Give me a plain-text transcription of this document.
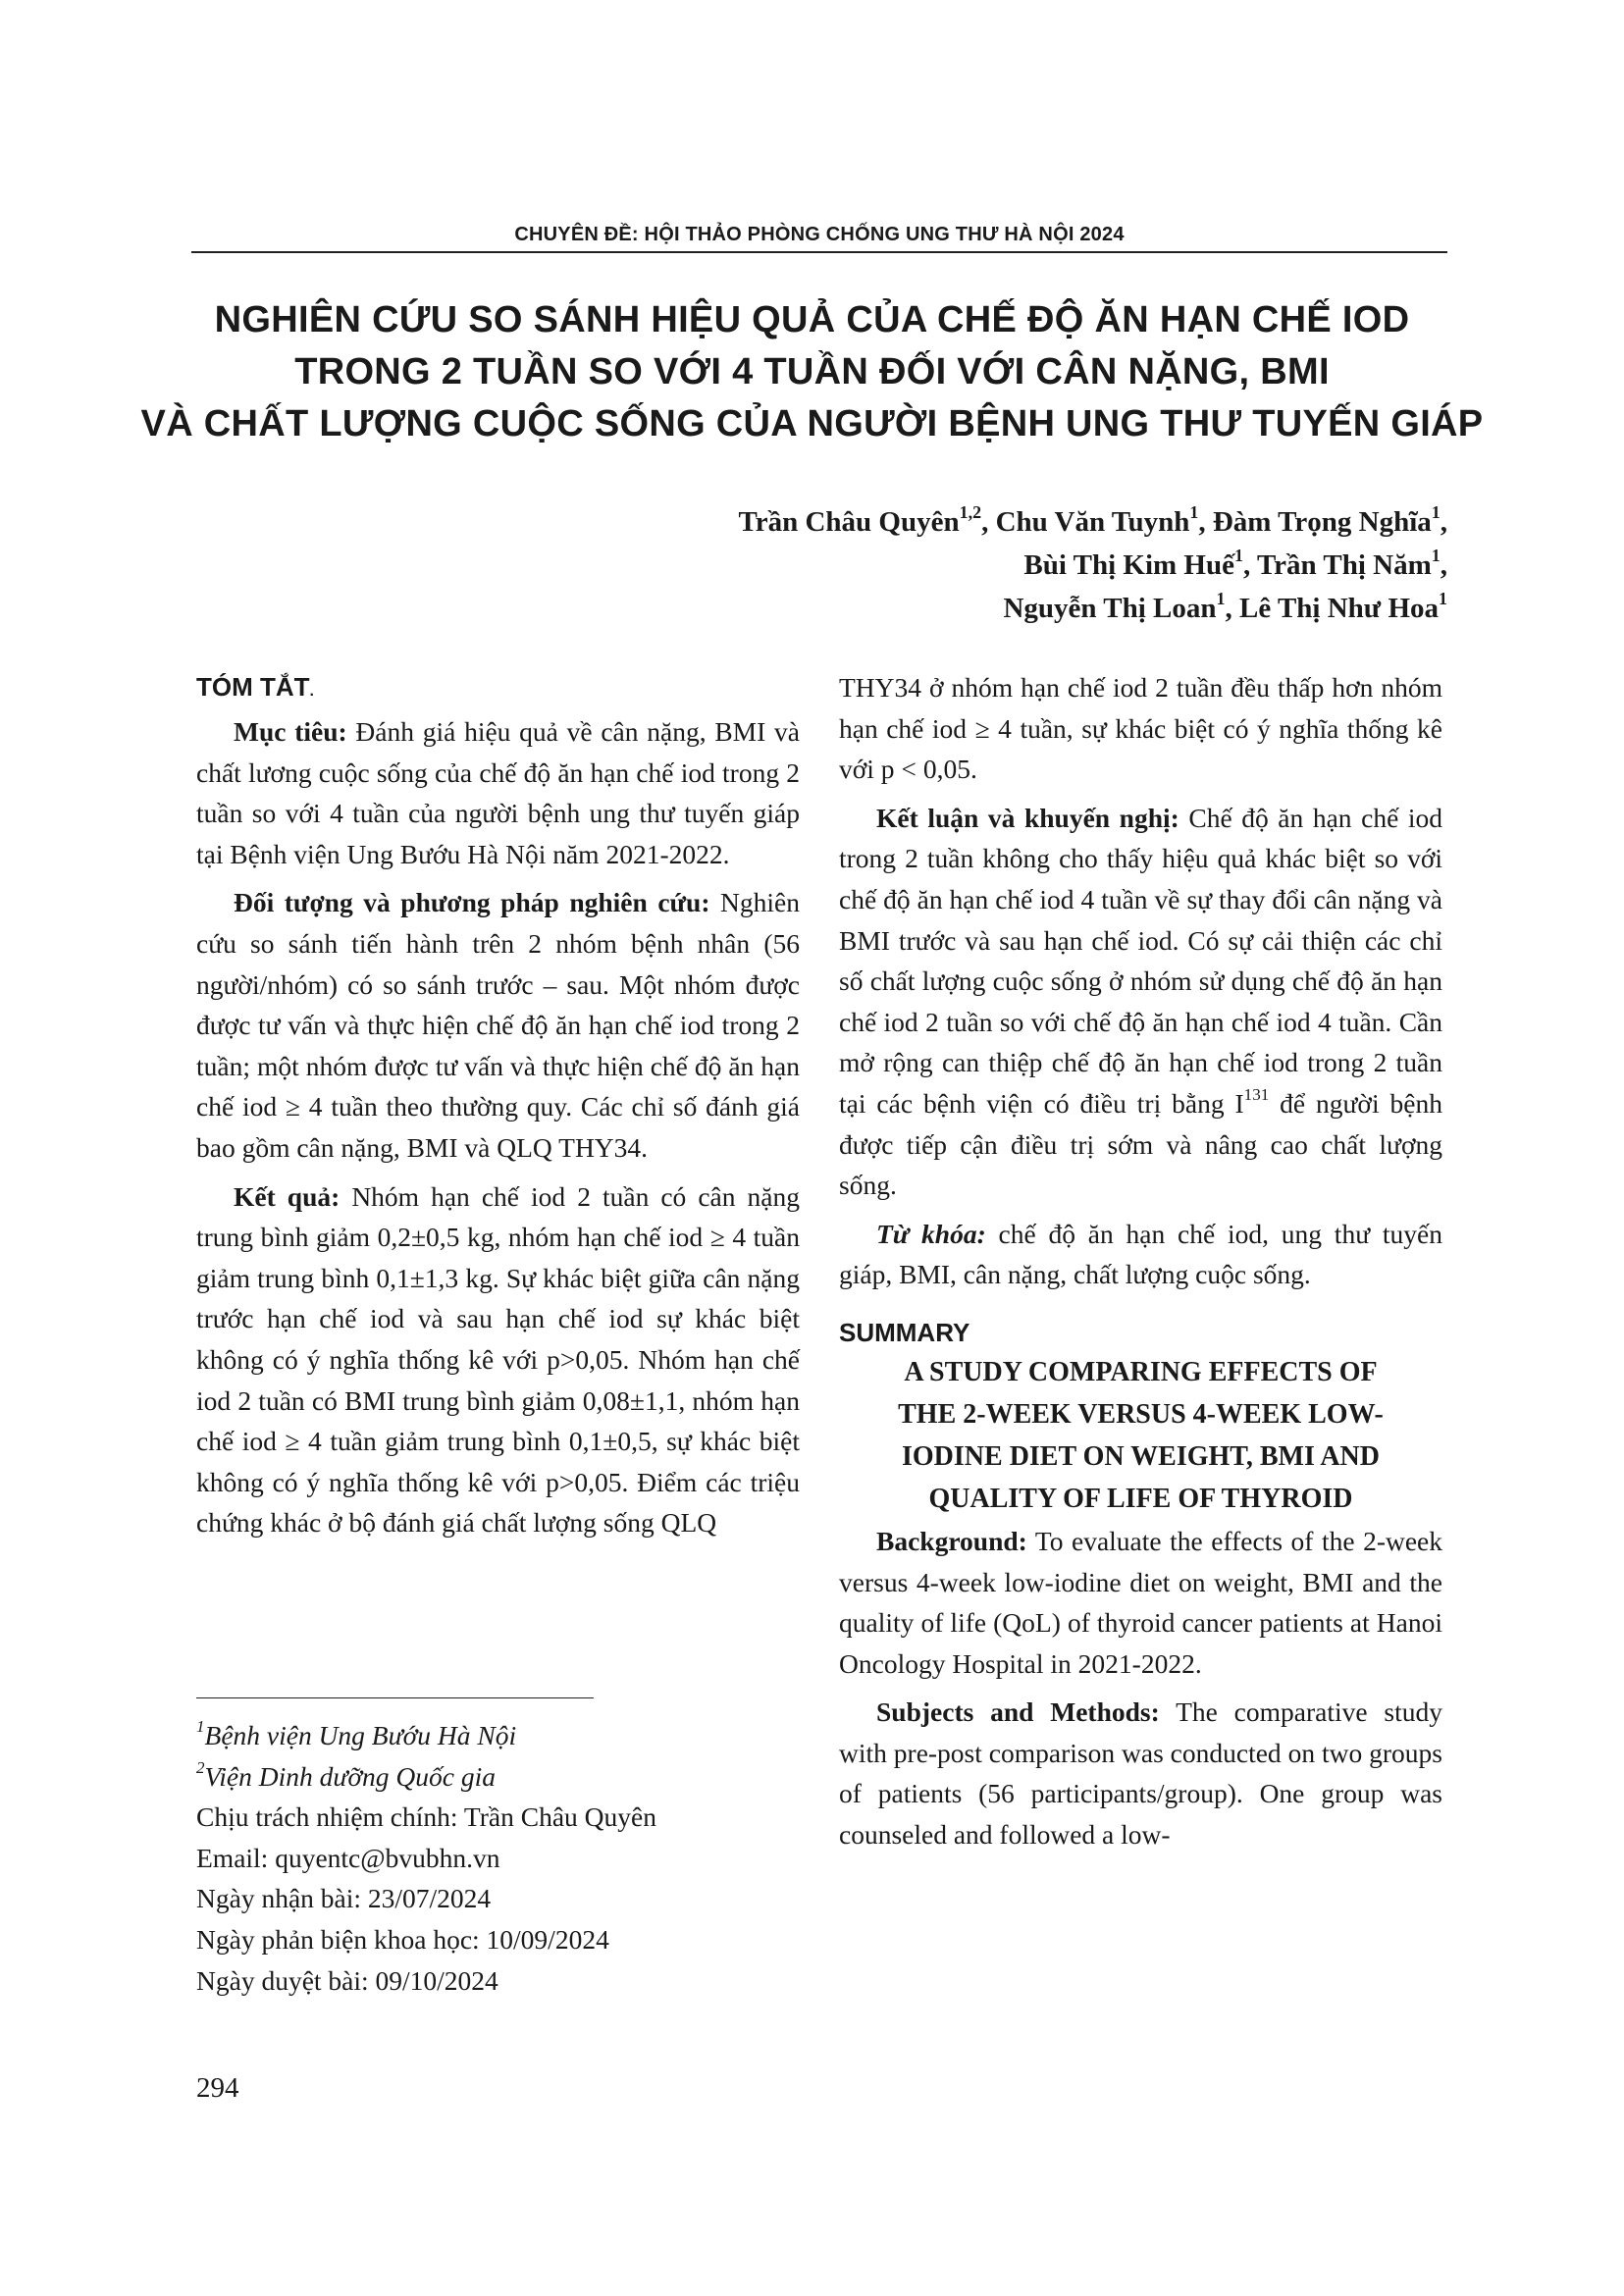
CHUYÊN ĐỀ: HỘI THẢO PHÒNG CHỐNG UNG THƯ HÀ NỘI 2024
NGHIÊN CỨU SO SÁNH HIỆU QUẢ CỦA CHẾ ĐỘ ĂN HẠN CHẾ IOD
TRONG 2 TUẦN SO VỚI 4 TUẦN ĐỐI VỚI CÂN NẶNG, BMI
VÀ CHẤT LƯỢNG CUỘC SỐNG CỦA NGƯỜI BỆNH UNG THƯ TUYẾN GIÁP
Trần Châu Quyên$^{1,2}$, Chu Văn Tuynh$^1$, Đàm Trọng Nghĩa$^1$,
Bùi Thị Kim Huế$^1$, Trần Thị Năm$^1$,
Nguyễn Thị Loan$^1$, Lê Thị Như Hoa$^1$
TÓM TẮT.

Mục tiêu: Đánh giá hiệu quả về cân nặng, BMI và chất lương cuộc sống của chế độ ăn hạn chế iod trong 2 tuần so với 4 tuần của người bệnh ung thư tuyến giáp tại Bệnh viện Ung Bướu Hà Nội năm 2021-2022.

Đối tượng và phương pháp nghiên cứu: Nghiên cứu so sánh tiến hành trên 2 nhóm bệnh nhân (56 người/nhóm) có so sánh trước – sau. Một nhóm được được tư vấn và thực hiện chế độ ăn hạn chế iod trong 2 tuần; một nhóm được tư vấn và thực hiện chế độ ăn hạn chế iod ≥ 4 tuần theo thường quy. Các chỉ số đánh giá bao gồm cân nặng, BMI và QLQ THY34.

Kết quả: Nhóm hạn chế iod 2 tuần có cân nặng trung bình giảm 0,2±0,5 kg, nhóm hạn chế iod ≥ 4 tuần giảm trung bình 0,1±1,3 kg. Sự khác biệt giữa cân nặng trước hạn chế iod và sau hạn chế iod sự khác biệt không có ý nghĩa thống kê với p>0,05. Nhóm hạn chế iod 2 tuần có BMI trung bình giảm 0,08±1,1, nhóm hạn chế iod ≥ 4 tuần giảm trung bình 0,1±0,5, sự khác biệt không có ý nghĩa thống kê với p>0,05. Điểm các triệu chứng khác ở bộ đánh giá chất lượng sống QLQ

$^1$Bệnh viện Ung Bướu Hà Nội
$^2$Viện Dinh dưỡng Quốc gia
Chịu trách nhiệm chính: Trần Châu Quyên
Email: quyentc@bvubhn.vn
Ngày nhận bài: 23/07/2024
Ngày phản biện khoa học: 10/09/2024
Ngày duyệt bài: 09/10/2024

THY34 ở nhóm hạn chế iod 2 tuần đều thấp hơn nhóm hạn chế iod ≥ 4 tuần, sự khác biệt có ý nghĩa thống kê với p < 0,05.

Kết luận và khuyến nghị: Chế độ ăn hạn chế iod trong 2 tuần không cho thấy hiệu quả khác biệt so với chế độ ăn hạn chế iod 4 tuần về sự thay đổi cân nặng và BMI trước và sau hạn chế iod. Có sự cải thiện các chỉ số chất lượng cuộc sống ở nhóm sử dụng chế độ ăn hạn chế iod 2 tuần so với chế độ ăn hạn chế iod 4 tuần. Cần mở rộng can thiệp chế độ ăn hạn chế iod trong 2 tuần tại các bệnh viện có điều trị bằng $I^{131}$ để người bệnh được tiếp cận điều trị sớm và nâng cao chất lượng sống.

Từ khóa: chế độ ăn hạn chế iod, ung thư tuyến giáp, BMI, cân nặng, chất lượng cuộc sống.

SUMMARY
A STUDY COMPARING EFFECTS OF
THE 2-WEEK VERSUS 4-WEEK LOW-
IODINE DIET ON WEIGHT, BMI AND
QUALITY OF LIFE OF THYROID

Background: To evaluate the effects of the 2-week versus 4-week low-iodine diet on weight, BMI and the quality of life (QoL) of thyroid cancer patients at Hanoi Oncology Hospital in 2021-2022.

Subjects and Methods: The comparative study with pre-post comparison was conducted on two groups of patients (56 participants/group). One group was counseled and followed a low-

294
